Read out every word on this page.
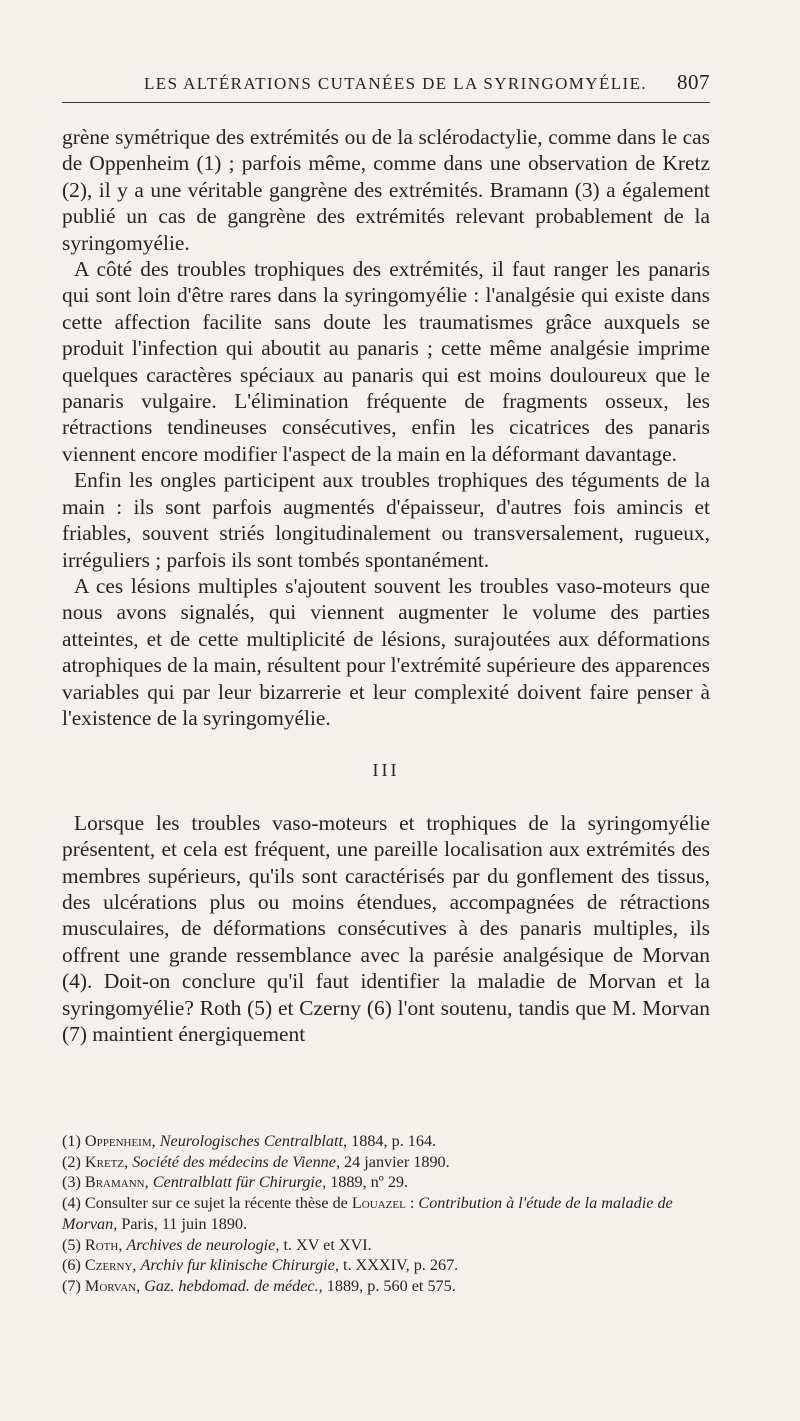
LES ALTÉRATIONS CUTANÉES DE LA SYRINGOMYÉLIE. 807

grène symétrique des extrémités ou de la sclérodactylie, comme dans le cas de Oppenheim (1) ; parfois même, comme dans une observation de Kretz (2), il y a une véritable gangrène des extrémités. Bramann (3) a également publié un cas de gangrène des extrémités relevant probablement de la syringomyélie.

A côté des troubles trophiques des extrémités, il faut ranger les panaris qui sont loin d'être rares dans la syringomyélie : l'analgésie qui existe dans cette affection facilite sans doute les traumatismes grâce auxquels se produit l'infection qui aboutit au panaris ; cette même analgésie imprime quelques caractères spéciaux au panaris qui est moins douloureux que le panaris vulgaire. L'élimination fréquente de fragments osseux, les rétractions tendineuses consécutives, enfin les cicatrices des panaris viennent encore modifier l'aspect de la main en la déformant davantage.

Enfin les ongles participent aux troubles trophiques des téguments de la main : ils sont parfois augmentés d'épaisseur, d'autres fois amincis et friables, souvent striés longitudinalement ou transversalement, rugueux, irréguliers ; parfois ils sont tombés spontanément.

A ces lésions multiples s'ajoutent souvent les troubles vaso-moteurs que nous avons signalés, qui viennent augmenter le volume des parties atteintes, et de cette multiplicité de lésions, surajoutées aux déformations atrophiques de la main, résultent pour l'extrémité supérieure des apparences variables qui par leur bizarrerie et leur complexité doivent faire penser à l'existence de la syringomyélie.

III

Lorsque les troubles vaso-moteurs et trophiques de la syringomyélie présentent, et cela est fréquent, une pareille localisation aux extrémités des membres supérieurs, qu'ils sont caractérisés par du gonflement des tissus, des ulcérations plus ou moins étendues, accompagnées de rétractions musculaires, de déformations consécutives à des panaris multiples, ils offrent une grande ressemblance avec la parésie analgésique de Morvan (4). Doit-on conclure qu'il faut identifier la maladie de Morvan et la syringomyélie? Roth (5) et Czerny (6) l'ont soutenu, tandis que M. Morvan (7) maintient énergiquement

(1) Oppenheim, Neurologisches Centralblatt, 1884, p. 164.

(2) Kretz, Société des médecins de Vienne, 24 janvier 1890.

(3) Bramann, Centralblatt für Chirurgie, 1889, nº 29.

(4) Consulter sur ce sujet la récente thèse de Louazel : Contribution à l'étude de la maladie de Morvan, Paris, 11 juin 1890.

(5) Roth, Archives de neurologie, t. XV et XVI.

(6) Czerny, Archiv fur klinische Chirurgie, t. XXXIV, p. 267.

(7) Morvan, Gaz. hebdomad. de médec., 1889, p. 560 et 575.
